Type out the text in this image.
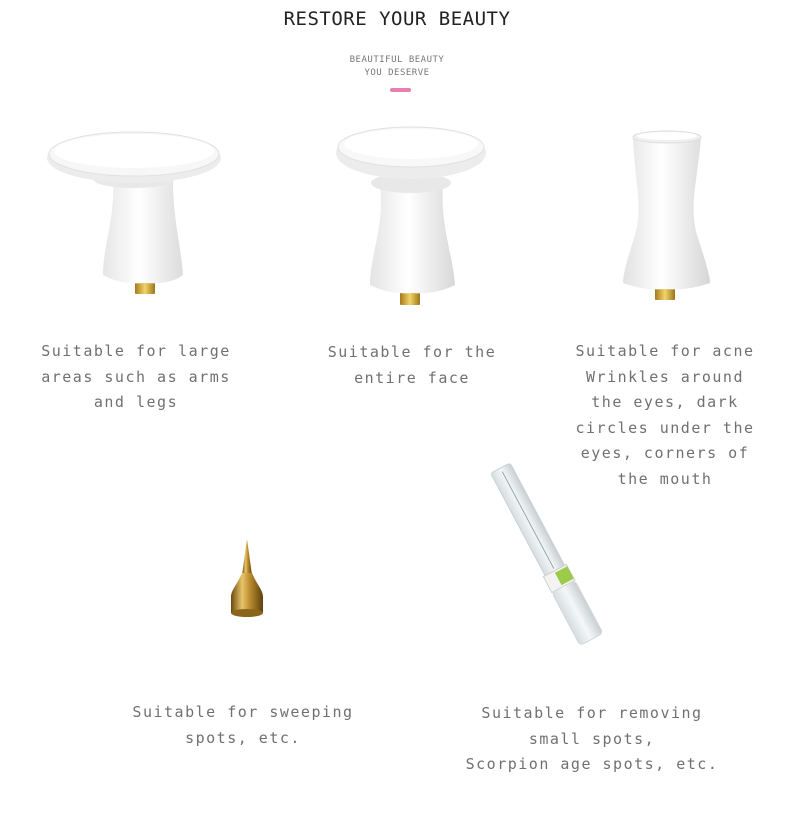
RESTORE YOUR BEAUTY
BEAUTIFUL BEAUTY
YOU DESERVE
Suitable for large
areas such as arms
and legs
Suitable for the
entire face
Suitable for acne
Wrinkles around
the eyes, dark
circles under the
eyes, corners of
the mouth
Suitable for sweeping
spots, etc.
Suitable for removing
small spots,
Scorpion age spots, etc.
